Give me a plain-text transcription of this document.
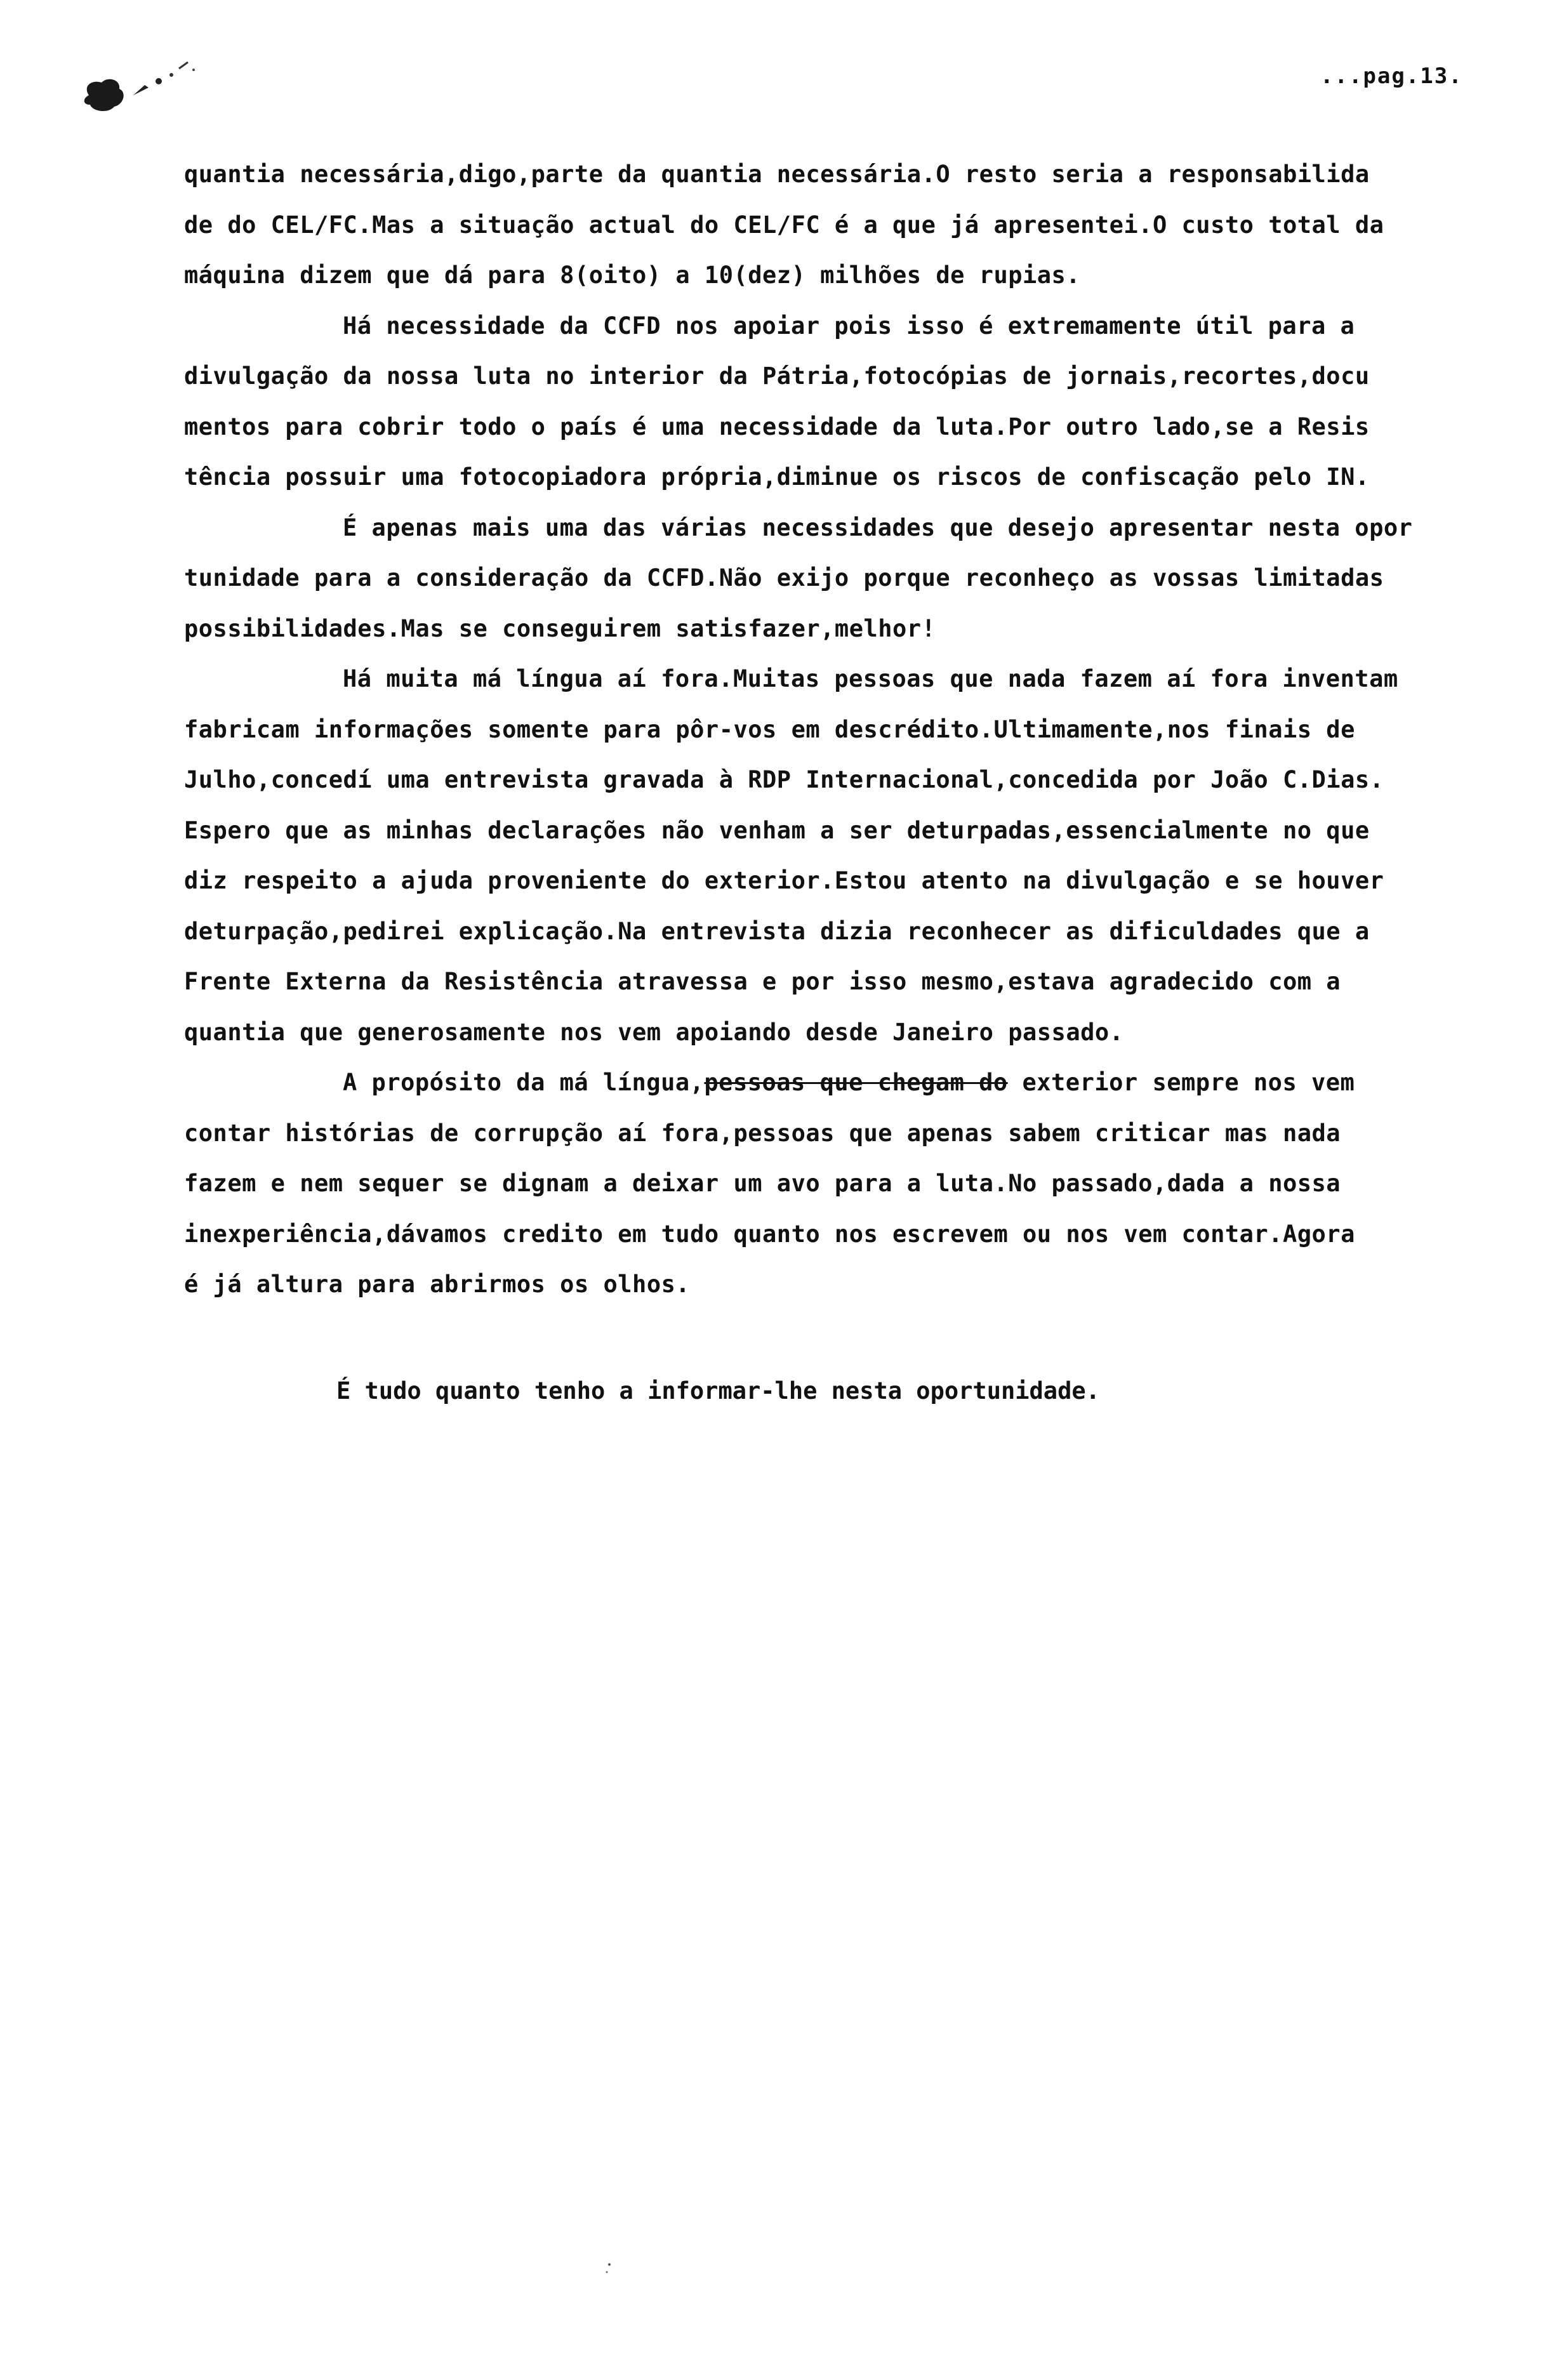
...pag.13.
quantia necessária,digo,parte da quantia necessária.O resto seria a responsabilida
de do CEL/FC.Mas a situação actual do CEL/FC é a que já apresentei.O custo total da
máquina dizem que dá para 8(oito) a 10(dez) milhões de rupias.
Há necessidade da CCFD nos apoiar pois isso é extremamente útil para a
divulgação da nossa luta no interior da Pátria,fotocópias de jornais,recortes,docu
mentos para cobrir todo o país é uma necessidade da luta.Por outro lado,se a Resis
tência possuir uma fotocopiadora própria,diminue os riscos de confiscação pelo IN.
É apenas mais uma das várias necessidades que desejo apresentar nesta opor
tunidade para a consideração da CCFD.Não exijo porque reconheço as vossas limitadas
possibilidades.Mas se conseguirem satisfazer,melhor!
Há muita má língua aí fora.Muitas pessoas que nada fazem aí fora inventam
fabricam informações somente para pôr-vos em descrédito.Ultimamente,nos finais de
Julho,concedí uma entrevista gravada à RDP Internacional,concedida por João C.Dias.
Espero que as minhas declarações não venham a ser deturpadas,essencialmente no que
diz respeito a ajuda proveniente do exterior.Estou atento na divulgação e se houver
deturpação,pedirei explicação.Na entrevista dizia reconhecer as dificuldades que a
Frente Externa da Resistência atravessa e por isso mesmo,estava agradecido com a
quantia que generosamente nos vem apoiando desde Janeiro passado.
A propósito da má língua,pessoas que chegam do exterior sempre nos vem
contar histórias de corrupção aí fora,pessoas que apenas sabem criticar mas nada
fazem e nem sequer se dignam a deixar um avo para a luta.No passado,dada a nossa
inexperiência,dávamos credito em tudo quanto nos escrevem ou nos vem contar.Agora
é já altura para abrirmos os olhos.
É tudo quanto tenho a informar-lhe nesta oportunidade.
